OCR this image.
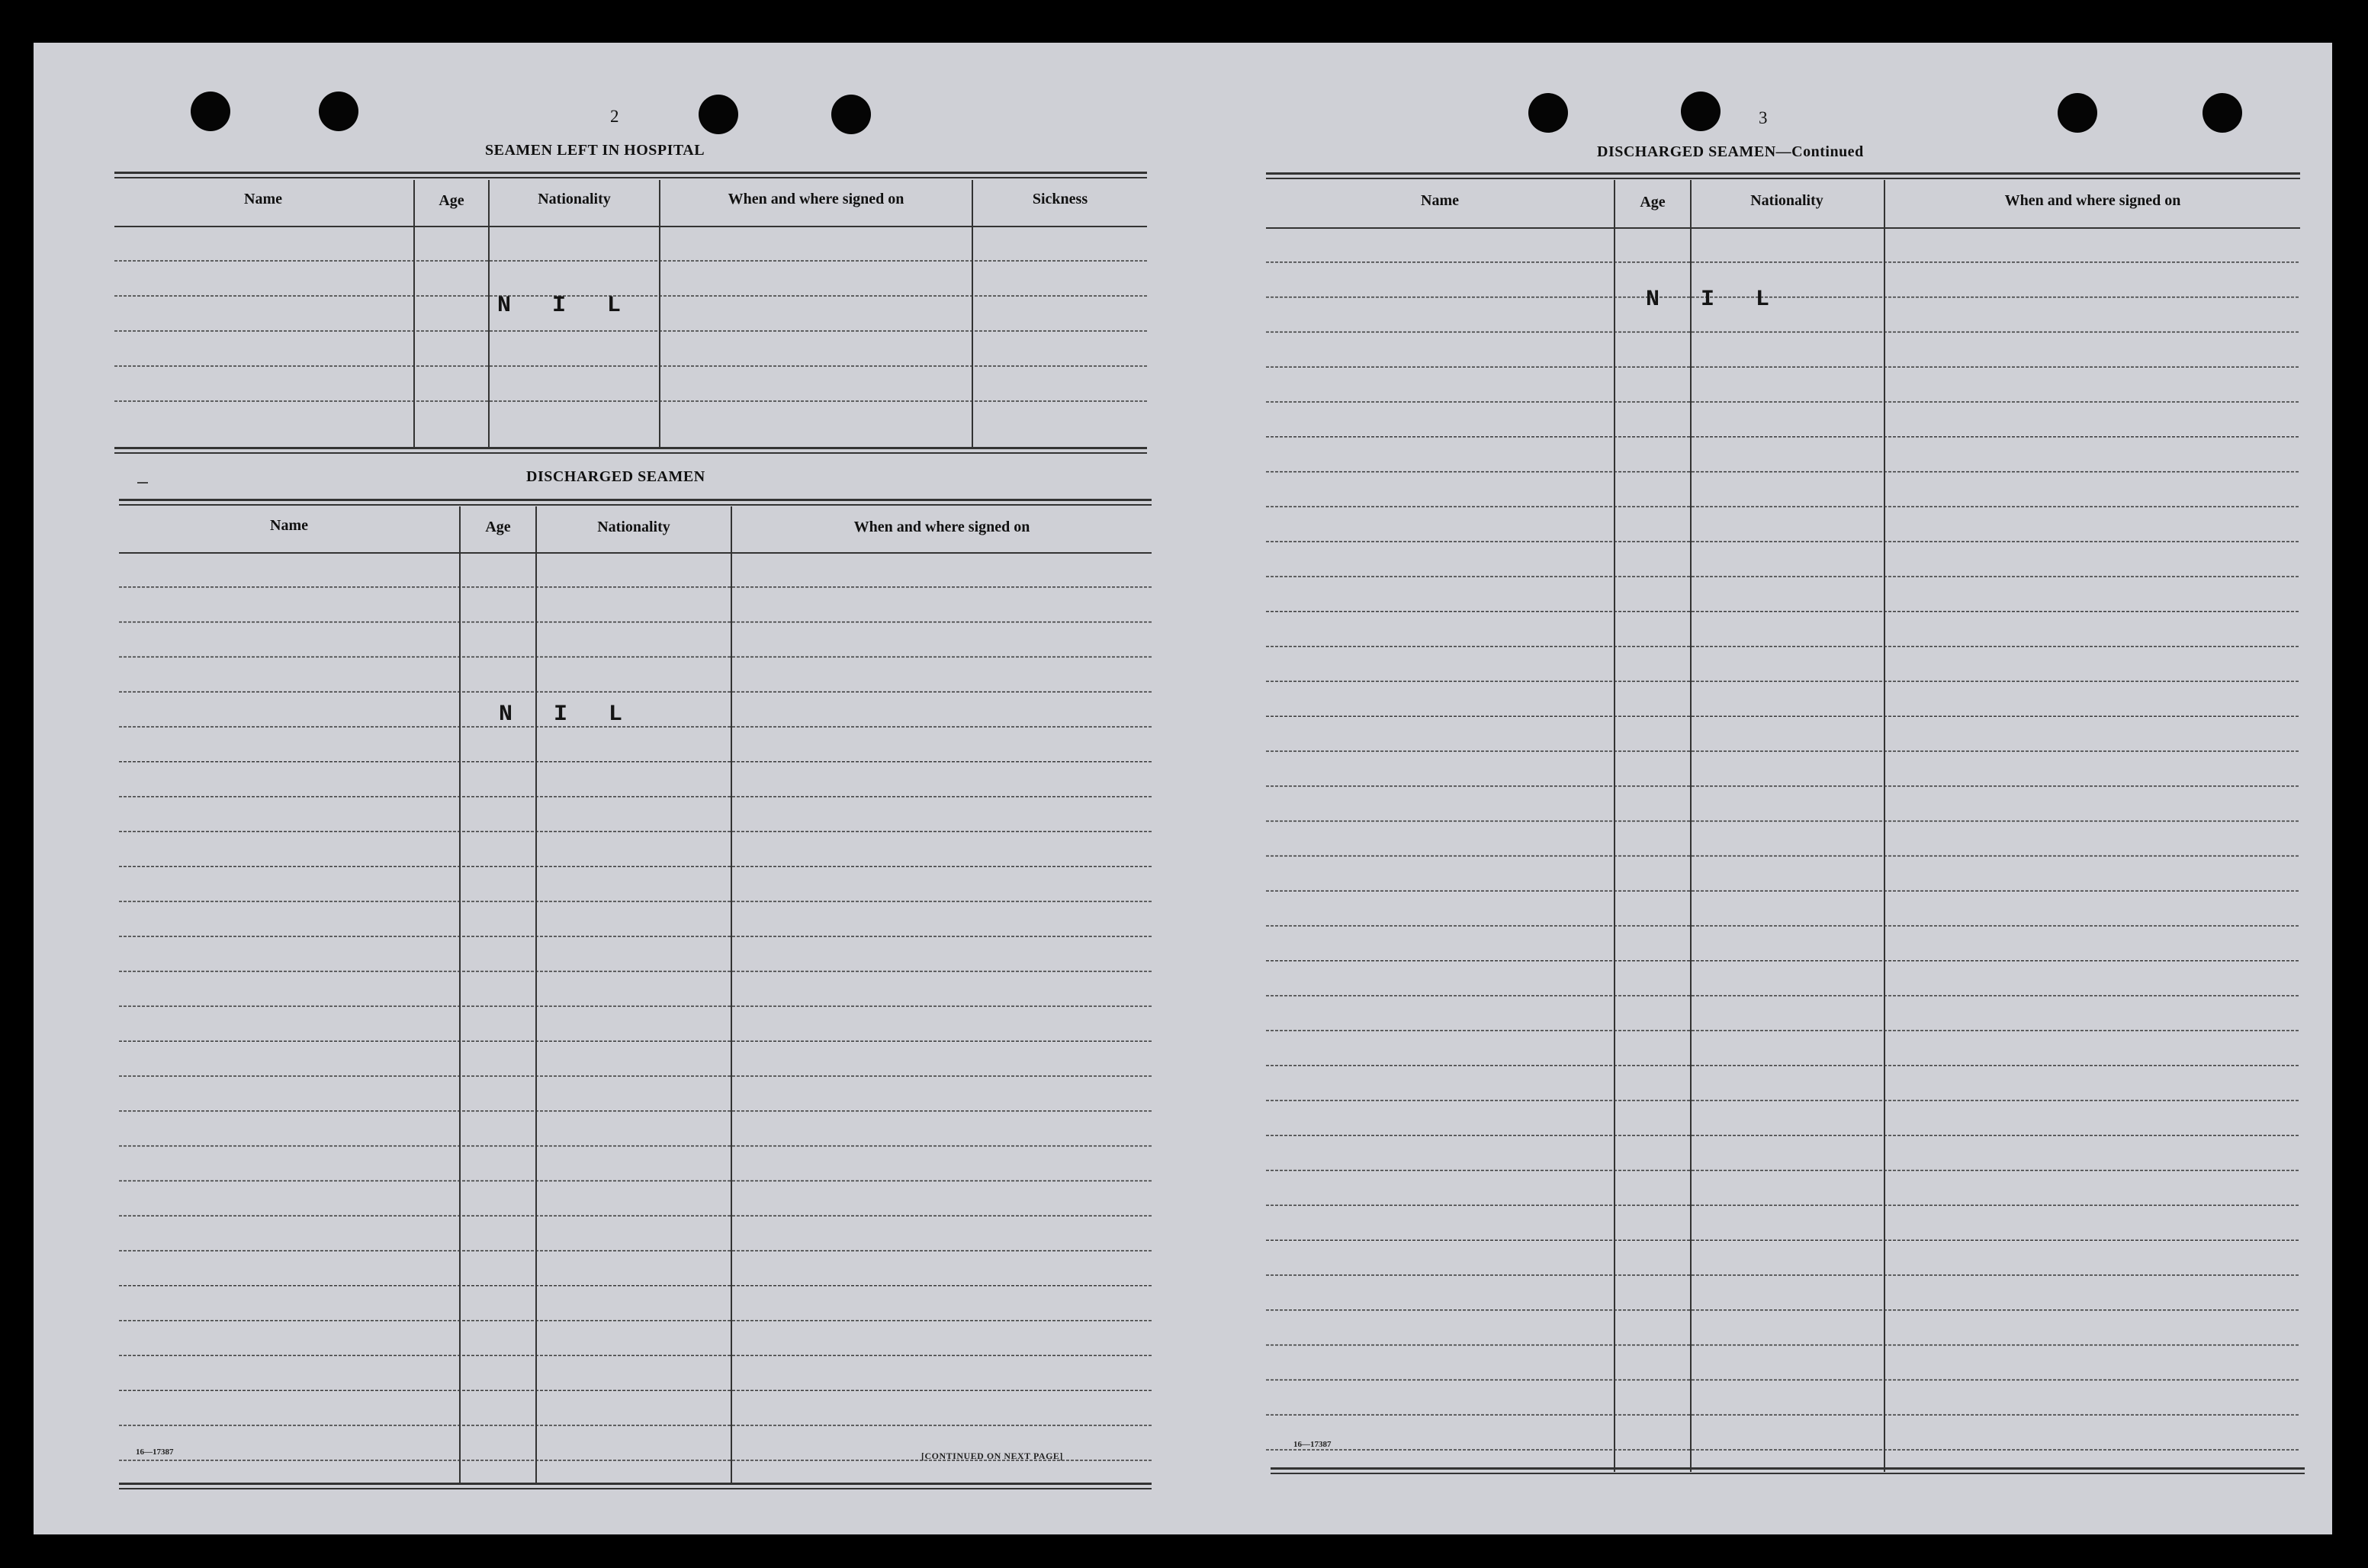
2
SEAMEN LEFT IN HOSPITAL
Name	Age	Nationality	When and where signed on	Sickness
N I L
DISCHARGED SEAMEN
Name	Age	Nationality	When and where signed on
N I L
16—17387	[CONTINUED ON NEXT PAGE]
3
DISCHARGED SEAMEN—Continued
Name	Age	Nationality	When and where signed on
N I L
16—17387
